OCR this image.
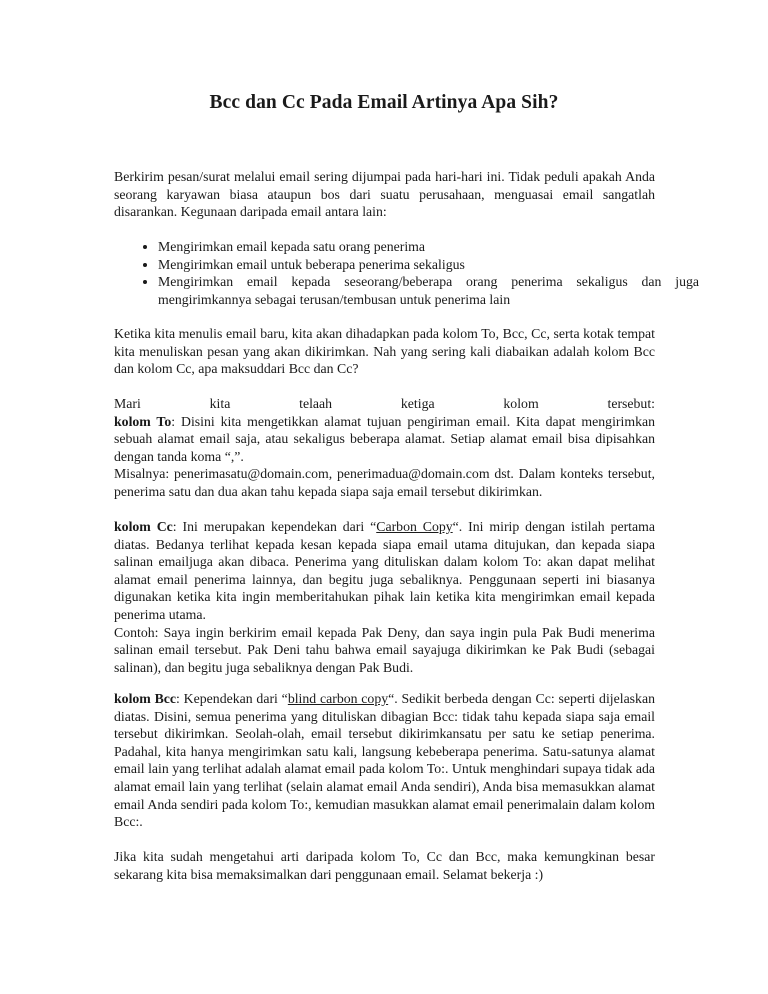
Bcc dan Cc Pada Email Artinya Apa Sih?

Berkirim pesan/surat melalui email sering dijumpai pada hari-hari ini. Tidak peduli apakah Anda seorang karyawan biasa ataupun bos dari suatu perusahaan, menguasai email sangatlah disarankan. Kegunaan daripada email antara lain:

• Mengirimkan email kepada satu orang penerima
• Mengirimkan email untuk beberapa penerima sekaligus
• Mengirimkan email kepada seseorang/beberapa orang penerima sekaligus dan juga mengirimkannya sebagai terusan/tembusan untuk penerima lain

Ketika kita menulis email baru, kita akan dihadapkan pada kolom To, Bcc, Cc, serta kotak tempat kita menuliskan pesan yang akan dikirimkan. Nah yang sering kali diabaikan adalah kolom Bcc dan kolom Cc, apa maksuddari Bcc dan Cc?

Mari kita telaah ketiga kolom tersebut:

kolom To: Disini kita mengetikkan alamat tujuan pengiriman email. Kita dapat mengirimkan sebuah alamat email saja, atau sekaligus beberapa alamat. Setiap alamat email bisa dipisahkan dengan tanda koma “,”.

Misalnya: penerimasatu@domain.com, penerimadua@domain.com dst. Dalam konteks tersebut, penerima satu dan dua akan tahu kepada siapa saja email tersebut dikirimkan.

kolom Cc: Ini merupakan kependekan dari “Carbon Copy“. Ini mirip dengan istilah pertama diatas. Bedanya terlihat kepada kesan kepada siapa email utama ditujukan, dan kepada siapa salinan emailjuga akan dibaca. Penerima yang dituliskan dalam kolom To: akan dapat melihat alamat email penerima lainnya, dan begitu juga sebaliknya. Penggunaan seperti ini biasanya digunakan ketika kita ingin memberitahukan pihak lain ketika kita mengirimkan email kepada penerima utama.

Contoh: Saya ingin berkirim email kepada Pak Deny, dan saya ingin pula Pak Budi menerima salinan email tersebut. Pak Deni tahu bahwa email sayajuga dikirimkan ke Pak Budi (sebagai salinan), dan begitu juga sebaliknya dengan Pak Budi.

kolom Bcc: Kependekan dari “blind carbon copy“. Sedikit berbeda dengan Cc: seperti dijelaskan diatas. Disini, semua penerima yang dituliskan dibagian Bcc: tidak tahu kepada siapa saja email tersebut dikirimkan. Seolah-olah, email tersebut dikirimkansatu per satu ke setiap penerima. Padahal, kita hanya mengirimkan satu kali, langsung kebeberapa penerima. Satu-satunya alamat email lain yang terlihat adalah alamat email pada kolom To:. Untuk menghindari supaya tidak ada alamat email lain yang terlihat (selain alamat email Anda sendiri), Anda bisa memasukkan alamat email Anda sendiri pada kolom To:, kemudian masukkan alamat email penerimalain dalam kolom Bcc:.

Jika kita sudah mengetahui arti daripada kolom To, Cc dan Bcc, maka kemungkinan besar sekarang kita bisa memaksimalkan dari penggunaan email. Selamat bekerja :)
